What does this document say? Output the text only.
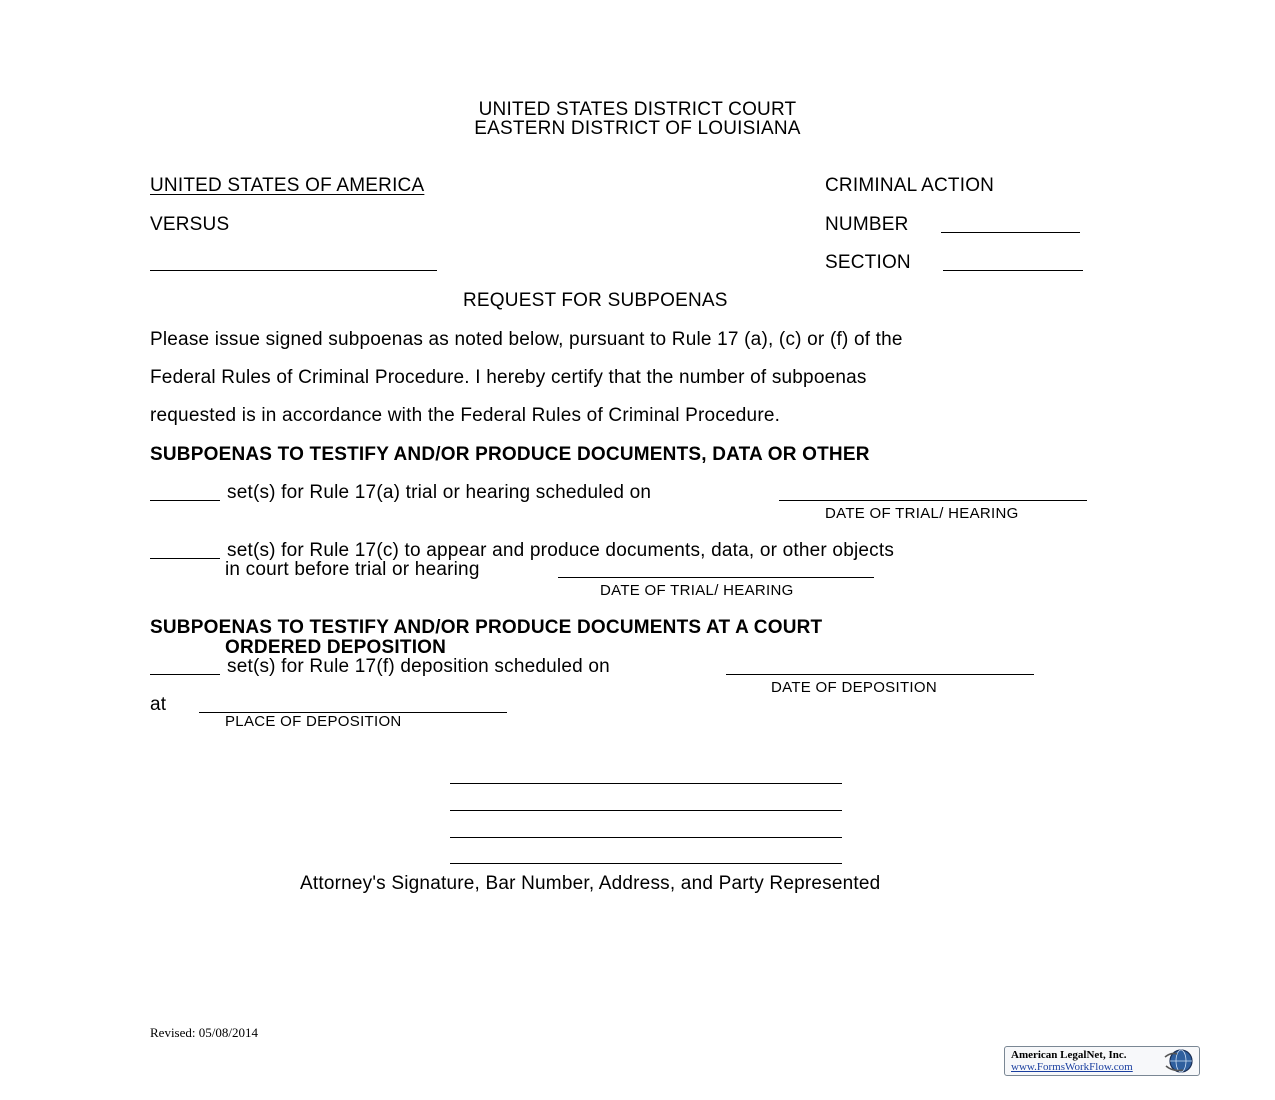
UNITED STATES DISTRICT COURT
EASTERN DISTRICT OF LOUISIANA
UNITED STATES OF AMERICA	CRIMINAL ACTION
VERSUS	NUMBER
SECTION
REQUEST FOR SUBPOENAS
Please issue signed subpoenas as noted below, pursuant to Rule 17 (a), (c) or (f) of the
Federal Rules of Criminal Procedure. I hereby certify that the number of subpoenas
requested is in accordance with the Federal Rules of Criminal Procedure.
SUBPOENAS TO TESTIFY AND/OR PRODUCE DOCUMENTS, DATA OR OTHER
set(s) for Rule 17(a) trial or hearing scheduled on
DATE OF TRIAL/ HEARING
set(s) for Rule 17(c) to appear and produce documents, data, or other objects
in court before trial or hearing
DATE OF TRIAL/ HEARING
SUBPOENAS TO TESTIFY AND/OR PRODUCE DOCUMENTS AT A COURT
ORDERED DEPOSITION
set(s) for Rule 17(f) deposition scheduled on
DATE OF DEPOSITION
at
PLACE OF DEPOSITION
Attorney's Signature, Bar Number, Address, and Party Represented
Revised: 05/08/2014
American LegalNet, Inc.
www.FormsWorkFlow.com
